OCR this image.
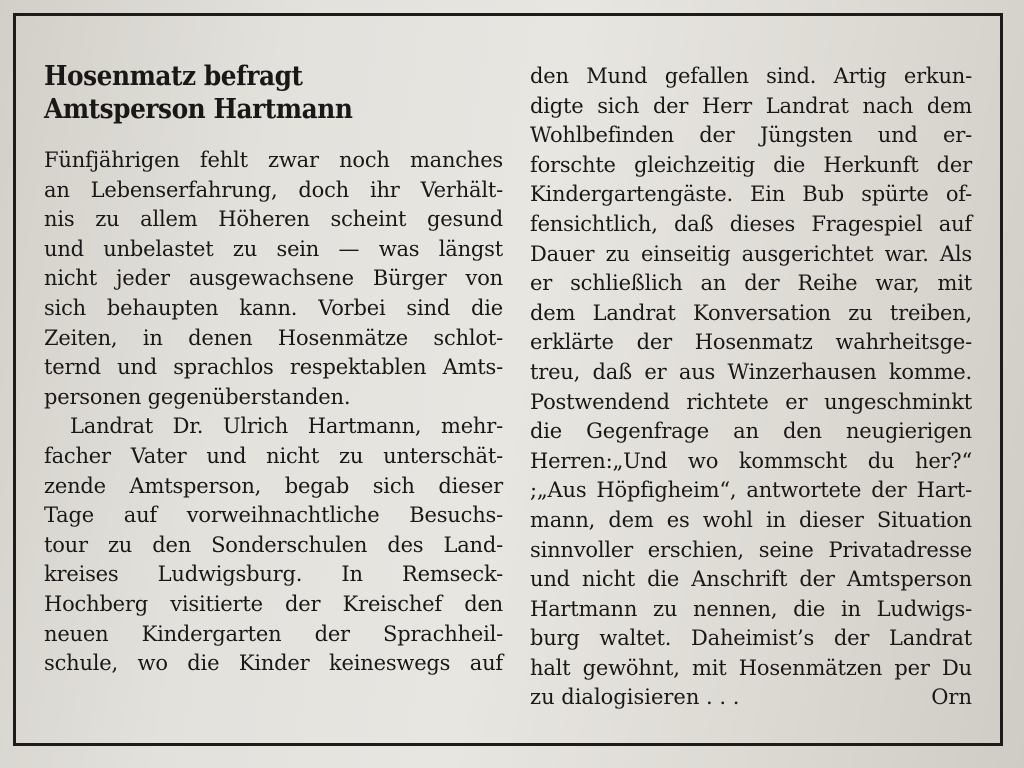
Hosenmatz befragt
Amtsperson Hartmann
Fünfjährigen fehlt zwar noch manches
an Lebenserfahrung, doch ihr Verhält-
nis zu allem Höheren scheint gesund
und unbelastet zu sein — was längst
nicht jeder ausgewachsene Bürger von
sich behaupten kann. Vorbei sind die
Zeiten, in denen Hosenmätze schlot-
ternd und sprachlos respektablen Amts-
personen gegenüberstanden.
Landrat Dr. Ulrich Hartmann, mehr-
facher Vater und nicht zu unterschät-
zende Amtsperson, begab sich dieser
Tage auf vorweihnachtliche Besuchs-
tour zu den Sonderschulen des Land-
kreises Ludwigsburg. In Remseck-
Hochberg visitierte der Kreischef den
neuen Kindergarten der Sprachheil-
schule, wo die Kinder keineswegs auf
den Mund gefallen sind. Artig erkun-
digte sich der Herr Landrat nach dem
Wohlbefinden der Jüngsten und er-
forschte gleichzeitig die Herkunft der
Kindergartengäste. Ein Bub spürte of-
fensichtlich, daß dieses Fragespiel auf
Dauer zu einseitig ausgerichtet war. Als
er schließlich an der Reihe war, mit
dem Landrat Konversation zu treiben,
erklärte der Hosenmatz wahrheitsge-
treu, daß er aus Winzerhausen komme.
Postwendend richtete er ungeschminkt
die Gegenfrage an den neugierigen
Herren:„Und wo kommscht du her?“
;„Aus Höpfigheim“, antwortete der Hart-
mann, dem es wohl in dieser Situation
sinnvoller erschien, seine Privatadresse
und nicht die Anschrift der Amtsperson
Hartmann zu nennen, die in Ludwigs-
burg waltet. Daheimist’s der Landrat
halt gewöhnt, mit Hosenmätzen per Du
zu dialogisieren . . .	Orn
